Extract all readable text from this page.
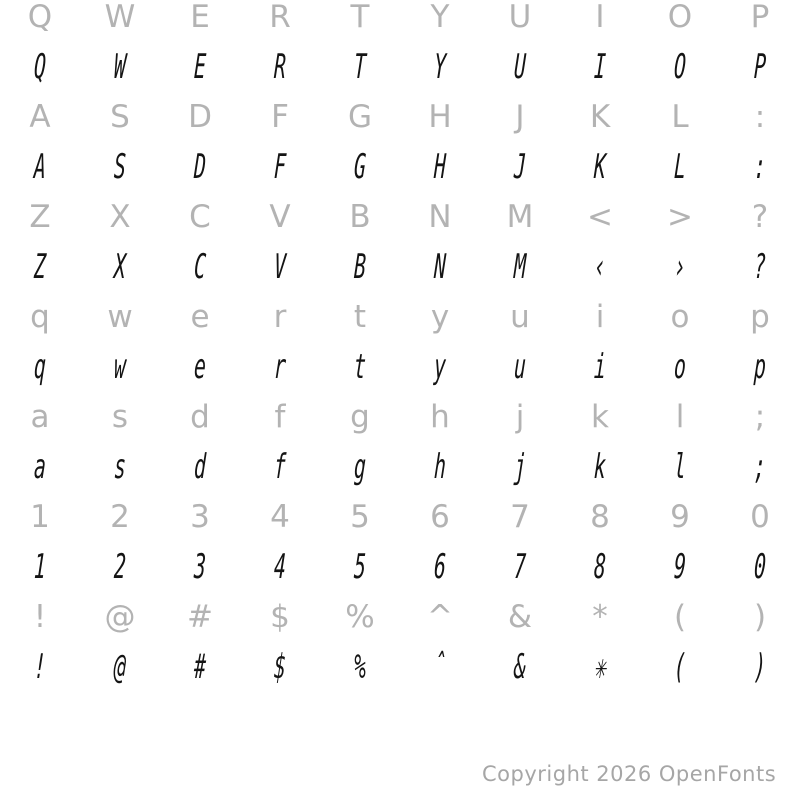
Q	W	E	R	T	Y	U	I	O	P
Q	W	E	R	T	Y	U	I	O	P
A	S	D	F	G	H	J	K	L	:
A	S	D	F	G	H	J	K	L	:
Z	X	C	V	B	N	M	<	>	?
Z	X	C	V	B	N	M	‹	›	?
q	w	e	r	t	y	u	i	o	p
q	w	e	r	t	y	u	i	o	p
a	s	d	f	g	h	j	k	l	;
a	s	d	f	g	h	j	k	l	;
1	2	3	4	5	6	7	8	9	0
1	2	3	4	5	6	7	8	9	0
!	@	#	$	%	^	&	*	(	)
!	@	#	$	%	ˆ	&	✳	(	)
Copyright 2026 OpenFonts
